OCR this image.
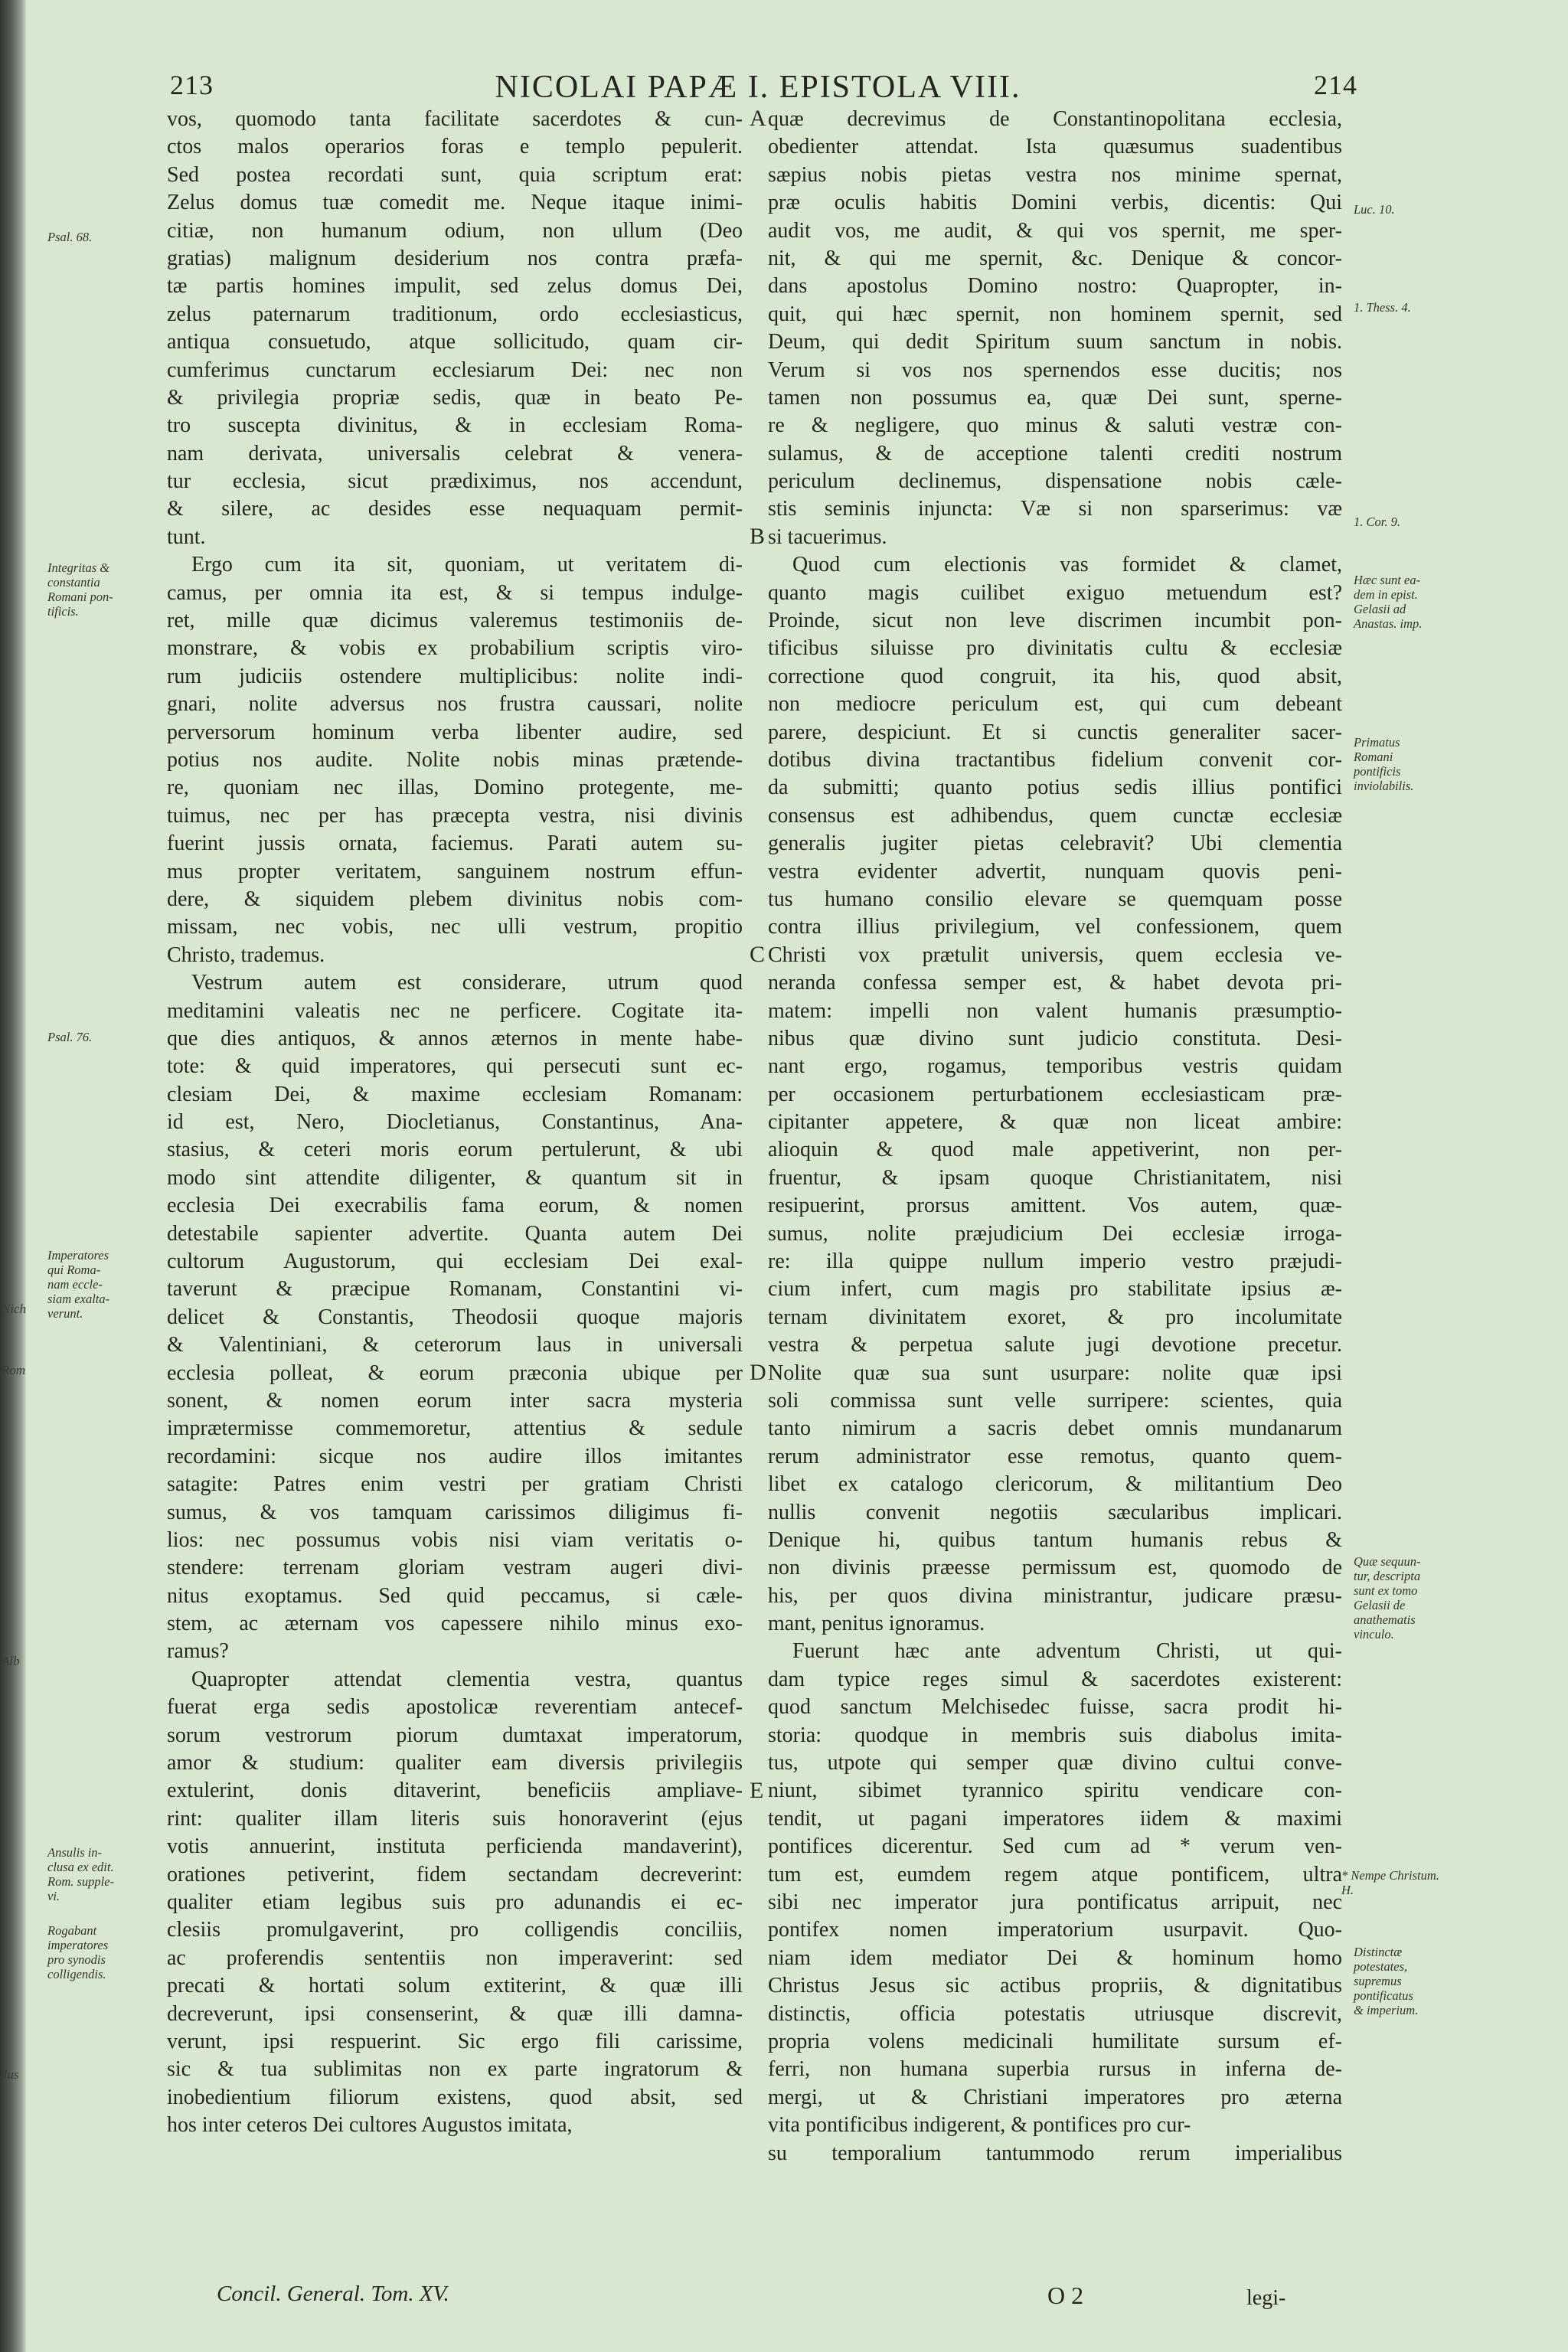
Nich
Rom
Alb
Jus
213	NICOLAI PAPÆ I. EPISTOLA VIII.	214
vos, quomodo tanta facilitate sacerdotes & cun-
ctos malos operarios foras e templo pepulerit.
Sed postea recordati sunt, quia scriptum erat:
Zelus domus tuæ comedit me. Neque itaque inimi-
citiæ, non humanum odium, non ullum (Deo
gratias) malignum desiderium nos contra præfa-
tæ partis homines impulit, sed zelus domus Dei,
zelus paternarum traditionum, ordo ecclesiasticus,
antiqua consuetudo, atque sollicitudo, quam cir-
cumferimus cunctarum ecclesiarum Dei: nec non
& privilegia propriæ sedis, quæ in beato Pe-
tro suscepta divinitus, & in ecclesiam Roma-
nam derivata, universalis celebrat & venera-
tur ecclesia, sicut prædiximus, nos accendunt,
& silere, ac desides esse nequaquam permit-
tunt.
Ergo cum ita sit, quoniam, ut veritatem di-
camus, per omnia ita est, & si tempus indulge-
ret, mille quæ dicimus valeremus testimoniis de-
monstrare, & vobis ex probabilium scriptis viro-
rum judiciis ostendere multiplicibus: nolite indi-
gnari, nolite adversus nos frustra caussari, nolite
perversorum hominum verba libenter audire, sed
potius nos audite. Nolite nobis minas prætende-
re, quoniam nec illas, Domino protegente, me-
tuimus, nec per has præcepta vestra, nisi divinis
fuerint jussis ornata, faciemus. Parati autem su-
mus propter veritatem, sanguinem nostrum effun-
dere, & siquidem plebem divinitus nobis com-
missam, nec vobis, nec ulli vestrum, propitio
Christo, trademus.
Vestrum autem est considerare, utrum quod
meditamini valeatis nec ne perficere. Cogitate ita-
que dies antiquos, & annos æternos in mente habe-
tote: & quid imperatores, qui persecuti sunt ec-
clesiam Dei, & maxime ecclesiam Romanam:
id est, Nero, Diocletianus, Constantinus, Ana-
stasius, & ceteri moris eorum pertulerunt, & ubi
modo sint attendite diligenter, & quantum sit in
ecclesia Dei execrabilis fama eorum, & nomen
detestabile sapienter advertite. Quanta autem Dei
cultorum Augustorum, qui ecclesiam Dei exal-
taverunt & præcipue Romanam, Constantini vi-
delicet & Constantis, Theodosii quoque majoris
& Valentiniani, & ceterorum laus in universali
ecclesia polleat, & eorum præconia ubique per
sonent, & nomen eorum inter sacra mysteria
imprætermisse commemoretur, attentius & sedule
recordamini: sicque nos audire illos imitantes
satagite: Patres enim vestri per gratiam Christi
sumus, & vos tamquam carissimos diligimus fi-
lios: nec possumus vobis nisi viam veritatis o-
stendere: terrenam gloriam vestram augeri divi-
nitus exoptamus. Sed quid peccamus, si cæle-
stem, ac æternam vos capessere nihilo minus exo-
ramus?
Quapropter attendat clementia vestra, quantus
fuerat erga sedis apostolicæ reverentiam antecef-
sorum vestrorum piorum dumtaxat imperatorum,
amor & studium: qualiter eam diversis privilegiis
extulerint, donis ditaverint, beneficiis ampliave-
rint: qualiter illam literis suis honoraverint (ejus
votis annuerint, instituta perficienda mandaverint),
orationes petiverint, fidem sectandam decreverint:
qualiter etiam legibus suis pro adunandis ei ec-
clesiis promulgaverint, pro colligendis conciliis,
ac proferendis sententiis non imperaverint: sed
precati & hortati solum extiterint, & quæ illi
decreverunt, ipsi consenserint, & quæ illi damna-
verunt, ipsi respuerint. Sic ergo fili carissime,
sic & tua sublimitas non ex parte ingratorum &
inobedientium filiorum existens, quod absit, sed
hos inter ceteros Dei cultores Augustos imitata,
quæ decrevimus de Constantinopolitana ecclesia,
obedienter attendat. Ista quæsumus suadentibus
sæpius nobis pietas vestra nos minime spernat,
præ oculis habitis Domini verbis, dicentis: Qui
audit vos, me audit, & qui vos spernit, me sper-
nit, & qui me spernit, &c. Denique & concor-
dans apostolus Domino nostro: Quapropter, in-
quit, qui hæc spernit, non hominem spernit, sed
Deum, qui dedit Spiritum suum sanctum in nobis.
Verum si vos nos spernendos esse ducitis; nos
tamen non possumus ea, quæ Dei sunt, sperne-
re & negligere, quo minus & saluti vestræ con-
sulamus, & de acceptione talenti crediti nostrum
periculum declinemus, dispensatione nobis cæle-
stis seminis injuncta: Væ si non sparserimus: væ
si tacuerimus.
Quod cum electionis vas formidet & clamet,
quanto magis cuilibet exiguo metuendum est?
Proinde, sicut non leve discrimen incumbit pon-
tificibus siluisse pro divinitatis cultu & ecclesiæ
correctione quod congruit, ita his, quod absit,
non mediocre periculum est, qui cum debeant
parere, despiciunt. Et si cunctis generaliter sacer-
dotibus divina tractantibus fidelium convenit cor-
da submitti; quanto potius sedis illius pontifici
consensus est adhibendus, quem cunctæ ecclesiæ
generalis jugiter pietas celebravit? Ubi clementia
vestra evidenter advertit, nunquam quovis peni-
tus humano consilio elevare se quemquam posse
contra illius privilegium, vel confessionem, quem
Christi vox prætulit universis, quem ecclesia ve-
neranda confessa semper est, & habet devota pri-
matem: impelli non valent humanis præsumptio-
nibus quæ divino sunt judicio constituta. Desi-
nant ergo, rogamus, temporibus vestris quidam
per occasionem perturbationem ecclesiasticam præ-
cipitanter appetere, & quæ non liceat ambire:
alioquin & quod male appetiverint, non per-
fruentur, & ipsam quoque Christianitatem, nisi
resipuerint, prorsus amittent. Vos autem, quæ-
sumus, nolite præjudicium Dei ecclesiæ irroga-
re: illa quippe nullum imperio vestro præjudi-
cium infert, cum magis pro stabilitate ipsius æ-
ternam divinitatem exoret, & pro incolumitate
vestra & perpetua salute jugi devotione precetur.
Nolite quæ sua sunt usurpare: nolite quæ ipsi
soli commissa sunt velle surripere: scientes, quia
tanto nimirum a sacris debet omnis mundanarum
rerum administrator esse remotus, quanto quem-
libet ex catalogo clericorum, & militantium Deo
nullis convenit negotiis sæcularibus implicari.
Denique hi, quibus tantum humanis rebus &
non divinis præesse permissum est, quomodo de
his, per quos divina ministrantur, judicare præsu-
mant, penitus ignoramus.
Fuerunt hæc ante adventum Christi, ut qui-
dam typice reges simul & sacerdotes existerent:
quod sanctum Melchisedec fuisse, sacra prodit hi-
storia: quodque in membris suis diabolus imita-
tus, utpote qui semper quæ divino cultui conve-
niunt, sibimet tyrannico spiritu vendicare con-
tendit, ut pagani imperatores iidem & maximi
pontifices dicerentur. Sed cum ad * verum ven-
tum est, eumdem regem atque pontificem, ultra
sibi nec imperator jura pontificatus arripuit, nec
pontifex nomen imperatorium usurpavit. Quo-
niam idem mediator Dei & hominum homo
Christus Jesus sic actibus propriis, & dignitatibus
distinctis, officia potestatis utriusque discrevit,
propria volens medicinali humilitate sursum ef-
ferri, non humana superbia rursus in inferna de-
mergi, ut & Christiani imperatores pro æterna
vita pontificibus indigerent, & pontifices pro cur-
su temporalium tantummodo rerum imperialibus
Psal. 68.
Integritas &
constantia
Romani pon-
tificis.
Psal. 76.
Imperatores
qui Roma-
nam eccle-
siam exalta-
verunt.
Ansulis in-
clusa ex edit.
Rom. supple-
vi.
Rogabant
imperatores
pro synodis
colligendis.
Luc. 10.
1. Thess. 4.
1. Cor. 9.
Hæc sunt ea-
dem in epist.
Gelasii ad
Anastas. imp.
Primatus
Romani
pontificis
inviolabilis.
Quæ sequun-
tur, descripta
sunt ex tomo
Gelasii de
anathematis
vinculo.
* Nempe Christum. H.
Distinctæ
potestates,
supremus
pontificatus
& imperium.
A
B
C
D
E
Concil. General. Tom. XV.	O 2	legi-
